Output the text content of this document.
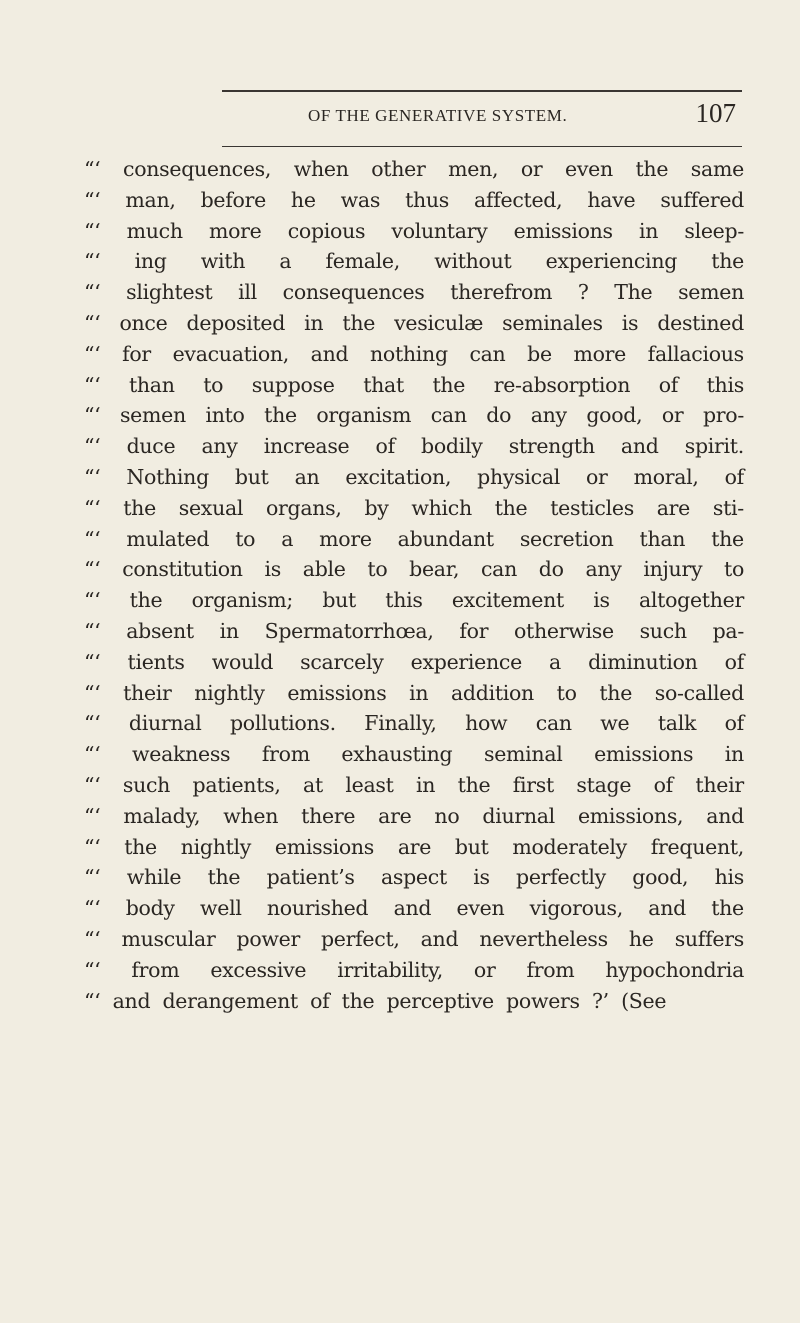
OF THE GENERATIVE SYSTEM.	107
“‘ consequences, when other men, or even the same
“‘ man, before he was thus affected, have suffered
“‘ much more copious voluntary emissions in sleep-
“‘ ing with a female, without experiencing the
“‘ slightest ill consequences therefrom ? The semen
“‘ once deposited in the vesiculæ seminales is destined
“‘ for evacuation, and nothing can be more fallacious
“‘ than to suppose that the re-absorption of this
“‘ semen into the organism can do any good, or pro-
“‘ duce any increase of bodily strength and spirit.
“‘ Nothing but an excitation, physical or moral, of
“‘ the sexual organs, by which the testicles are sti-
“‘ mulated to a more abundant secretion than the
“‘ constitution is able to bear, can do any injury to
“‘ the organism; but this excitement is altogether
“‘ absent in Spermatorrhœa, for otherwise such pa-
“‘ tients would scarcely experience a diminution of
“‘ their nightly emissions in addition to the so-called
“‘ diurnal pollutions. Finally, how can we talk of
“‘ weakness from exhausting seminal emissions in
“‘ such patients, at least in the first stage of their
“‘ malady, when there are no diurnal emissions, and
“‘ the nightly emissions are but moderately frequent,
“‘ while the patient’s aspect is perfectly good, his
“‘ body well nourished and even vigorous, and the
“‘ muscular power perfect, and nevertheless he suffers
“‘ from excessive irritability, or from hypochondria
“‘ and derangement of the perceptive powers ?’ (See
